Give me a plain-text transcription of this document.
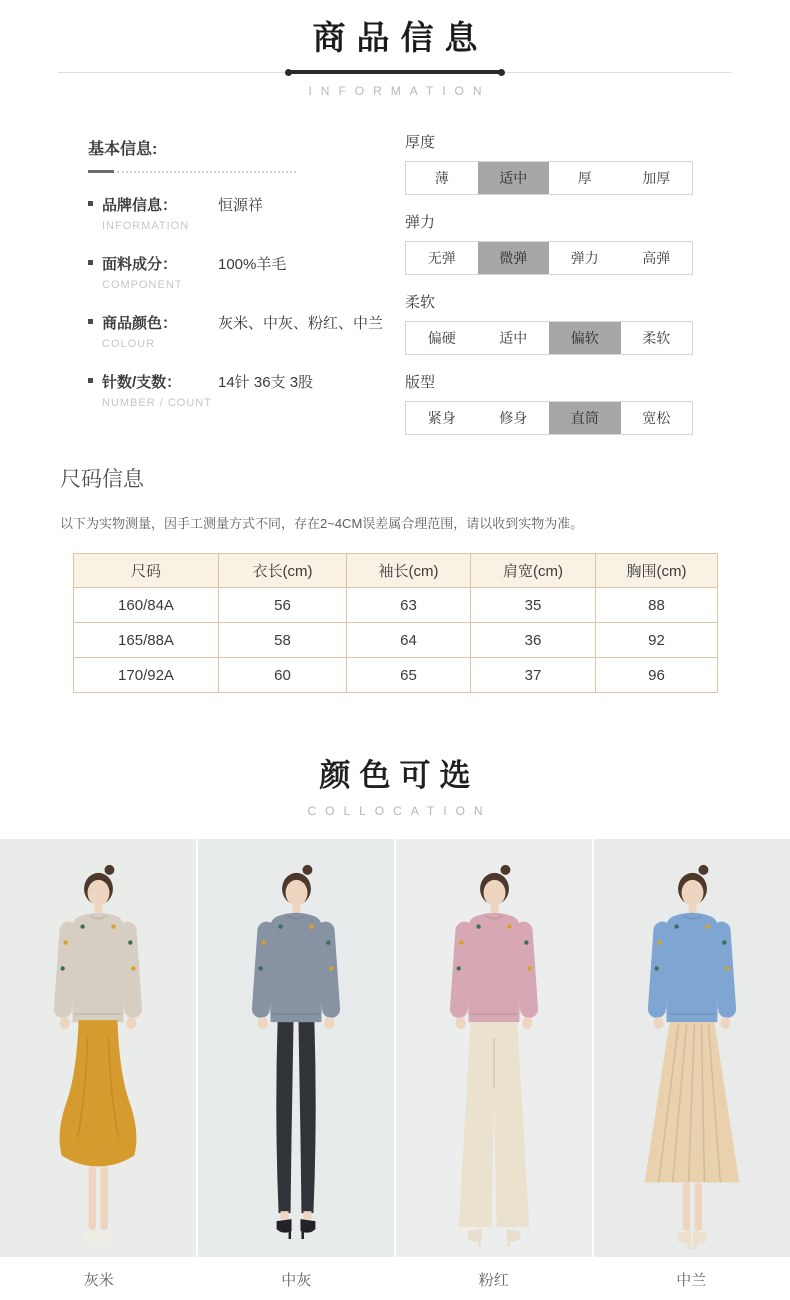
商品信息
INFORMATION
基本信息:
品牌信息：	恒源祥
INFORMATION
面料成分：	100%羊毛
COMPONENT
商品颜色：	灰米、中灰、粉红、中兰
COLOUR
针数/支数：	14针 36支 3股
NUMBER / COUNT
厚度
薄	适中	厚	加厚
弹力
无弹	微弹	弹力	高弹
柔软
偏硬	适中	偏软	柔软
版型
紧身	修身	直筒	宽松
尺码信息
以下为实物测量，因手工测量方式不同，存在2~4CM误差属合理范围，请以收到实物为准。
尺码	衣长(cm)	袖长(cm)	肩宽(cm)	胸围(cm)
160/84A	56	63	35	88
165/88A	58	64	36	92
170/92A	60	65	37	96
颜色可选
COLLOCATION
灰米	中灰	粉红	中兰
